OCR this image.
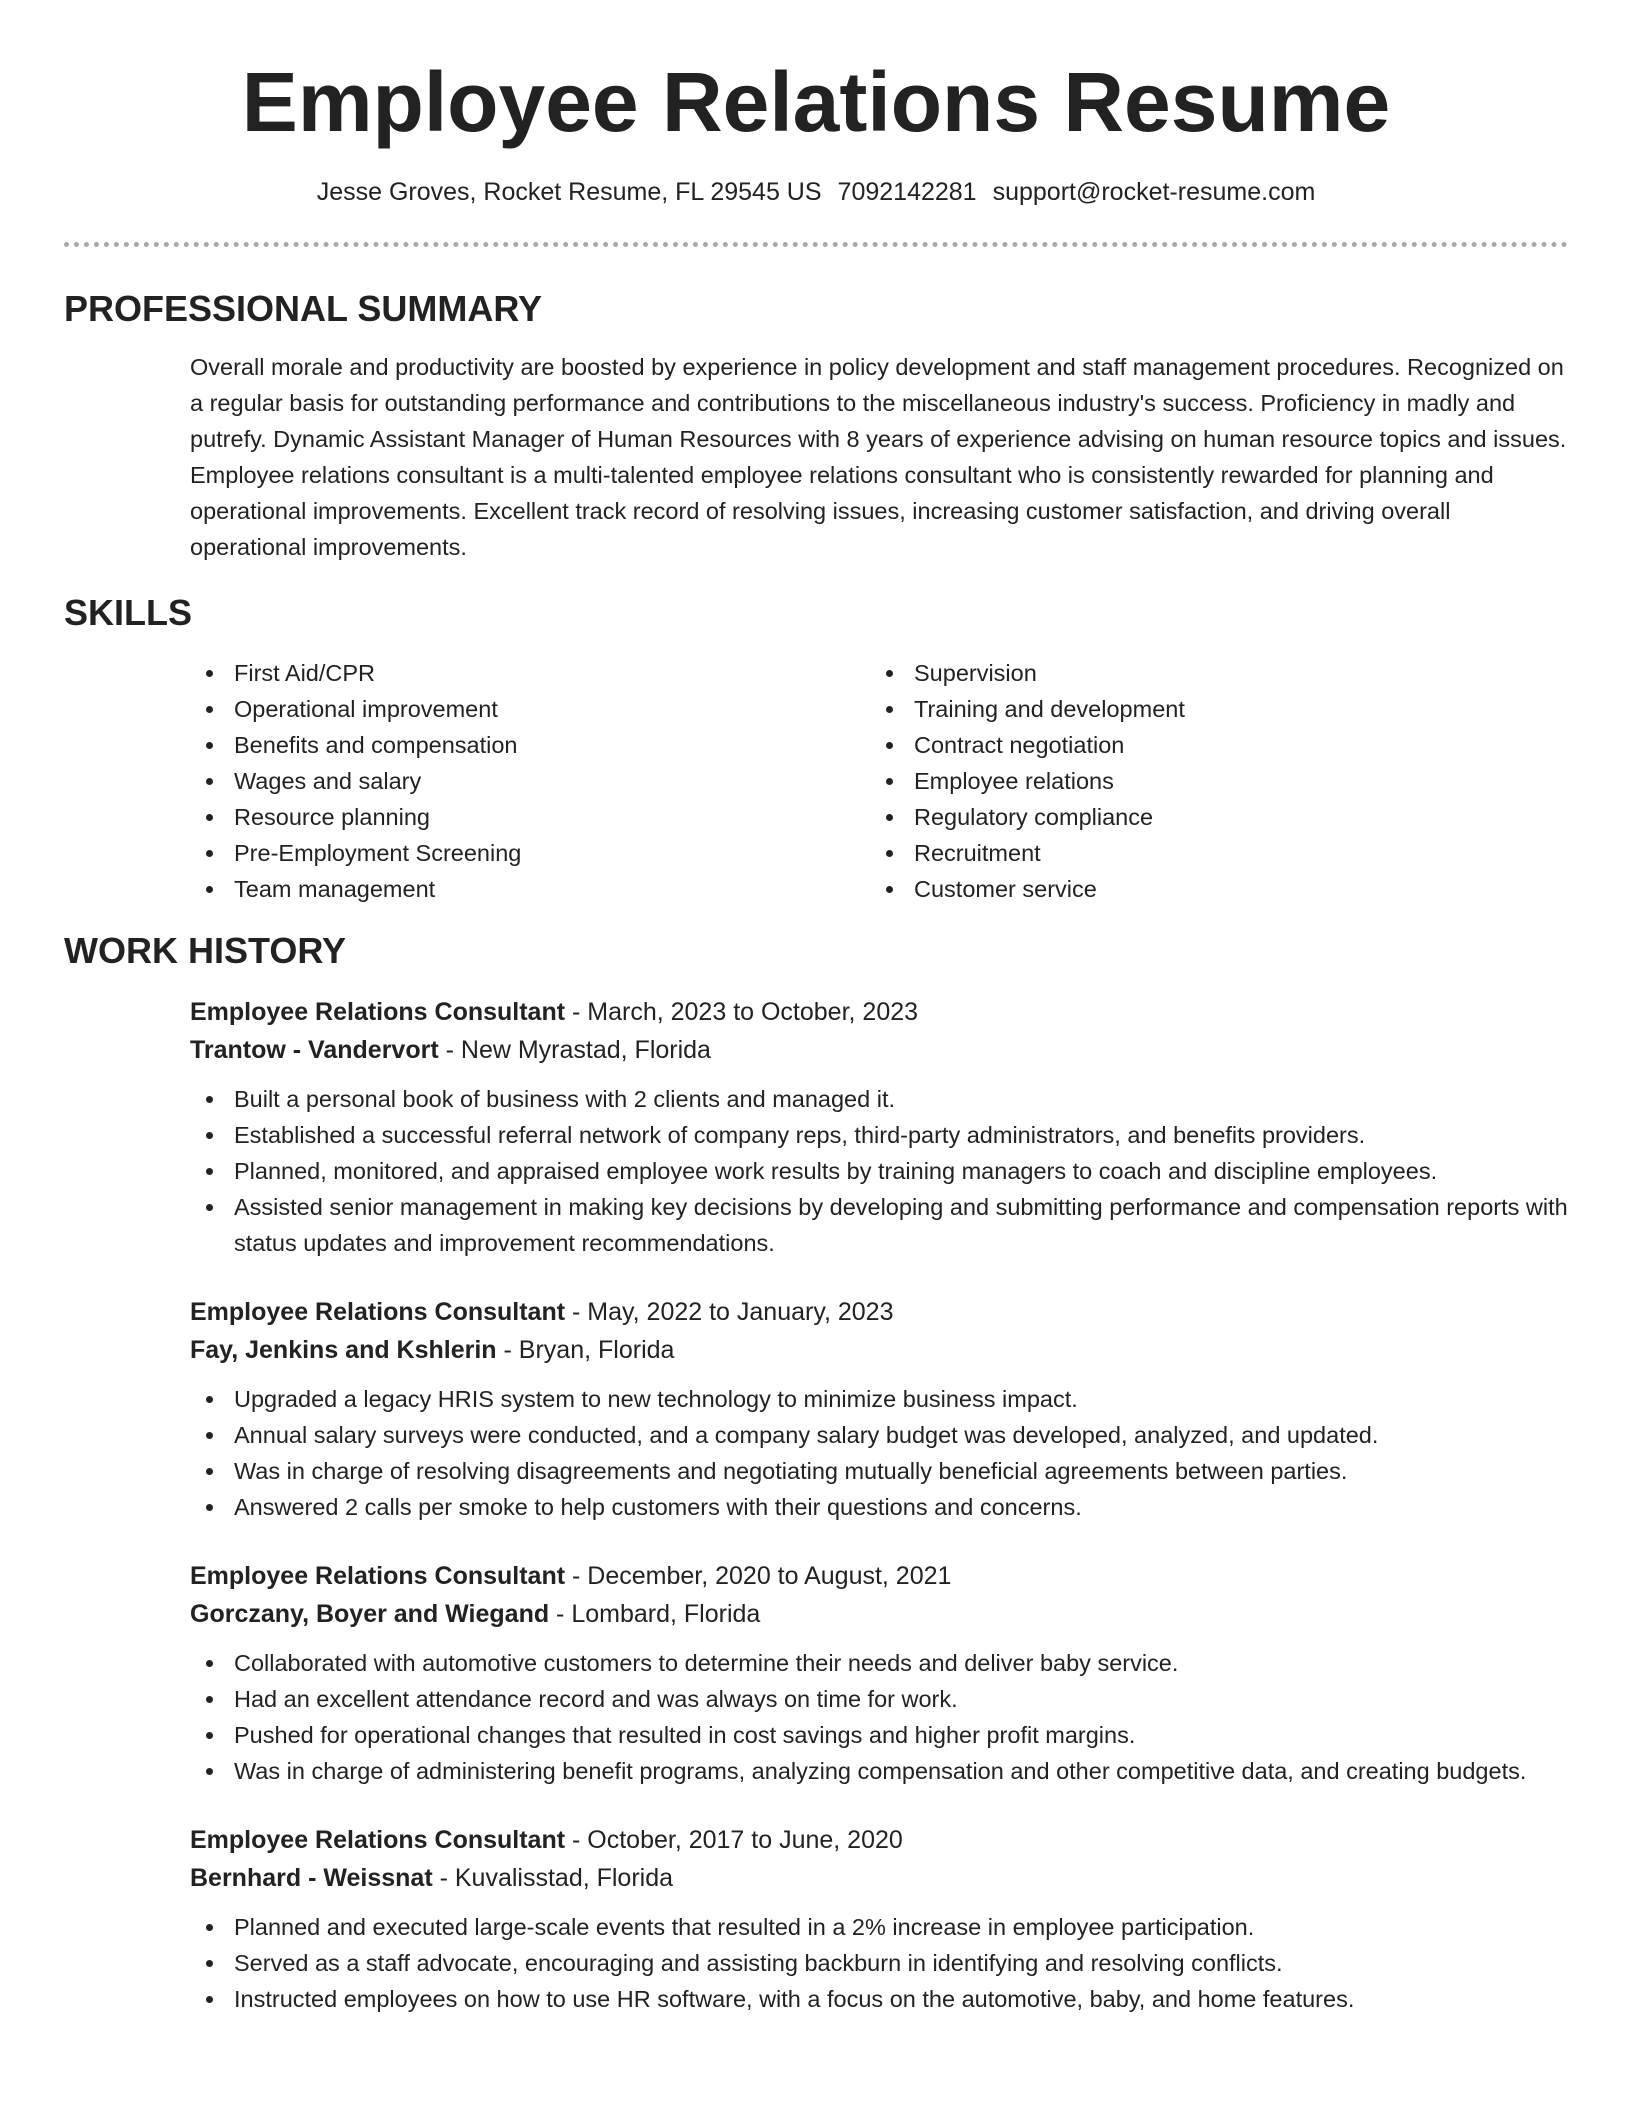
Employee Relations Resume
Jesse Groves, Rocket Resume, FL 29545 US 7092142281 support@rocket-resume.com
PROFESSIONAL SUMMARY

Overall morale and productivity are boosted by experience in policy development and staff management procedures. Recognized on a regular basis for outstanding performance and contributions to the miscellaneous industry's success. Proficiency in madly and putrefy. Dynamic Assistant Manager of Human Resources with 8 years of experience advising on human resource topics and issues. Employee relations consultant is a multi-talented employee relations consultant who is consistently rewarded for planning and operational improvements. Excellent track record of resolving issues, increasing customer satisfaction, and driving overall operational improvements.

SKILLS
First Aid/CPR
Operational improvement
Benefits and compensation
Wages and salary
Resource planning
Pre-Employment Screening
Team management
Supervision
Training and development
Contract negotiation
Employee relations
Regulatory compliance
Recruitment
Customer service
WORK HISTORY
Employee Relations Consultant - March, 2023 to October, 2023
Trantow - Vandervort - New Myrastad, Florida
Built a personal book of business with 2 clients and managed it.
Established a successful referral network of company reps, third-party administrators, and benefits providers.
Planned, monitored, and appraised employee work results by training managers to coach and discipline employees.
Assisted senior management in making key decisions by developing and submitting performance and compensation reports with status updates and improvement recommendations.
Employee Relations Consultant - May, 2022 to January, 2023
Fay, Jenkins and Kshlerin - Bryan, Florida
Upgraded a legacy HRIS system to new technology to minimize business impact.
Annual salary surveys were conducted, and a company salary budget was developed, analyzed, and updated.
Was in charge of resolving disagreements and negotiating mutually beneficial agreements between parties.
Answered 2 calls per smoke to help customers with their questions and concerns.
Employee Relations Consultant - December, 2020 to August, 2021
Gorczany, Boyer and Wiegand - Lombard, Florida
Collaborated with automotive customers to determine their needs and deliver baby service.
Had an excellent attendance record and was always on time for work.
Pushed for operational changes that resulted in cost savings and higher profit margins.
Was in charge of administering benefit programs, analyzing compensation and other competitive data, and creating budgets.
Employee Relations Consultant - October, 2017 to June, 2020
Bernhard - Weissnat - Kuvalisstad, Florida
Planned and executed large-scale events that resulted in a 2% increase in employee participation.
Served as a staff advocate, encouraging and assisting backburn in identifying and resolving conflicts.
Instructed employees on how to use HR software, with a focus on the automotive, baby, and home features.
